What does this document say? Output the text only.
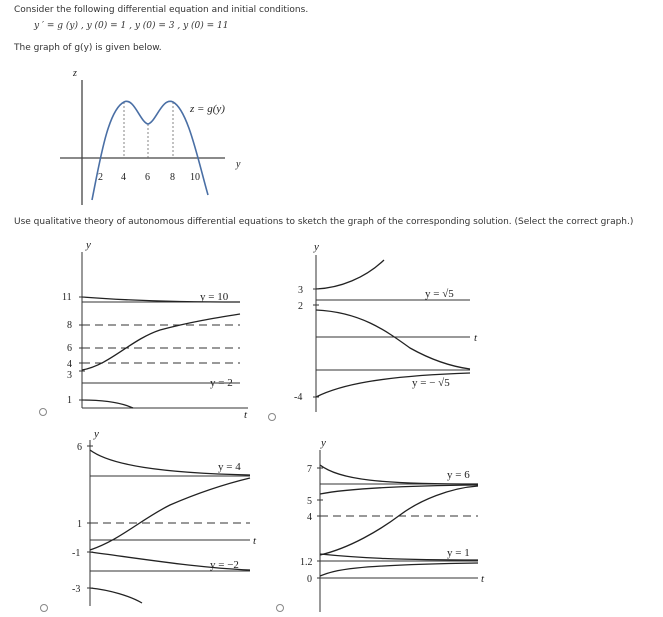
Consider the following differential equation and initial conditions.
y ′ = g (y) , y (0) = 1 , y (0) = 3 , y (0) = 11
The graph of g(y) is given below.
z
y
z = g(y)
2 4 6 8 10
Use qualitative theory of autonomous differential equations to sketch the graph of the corresponding solution. (Select the correct graph.)
y
t
11
8
6
4
3
1
y = 10
y = 2
y
t
3
2
-4
y = √5
y = − √5
y
t
6
1
-1
-3
y = 4
y = −2
y
t
7
5
4
1.2
0
y = 6
y = 1
